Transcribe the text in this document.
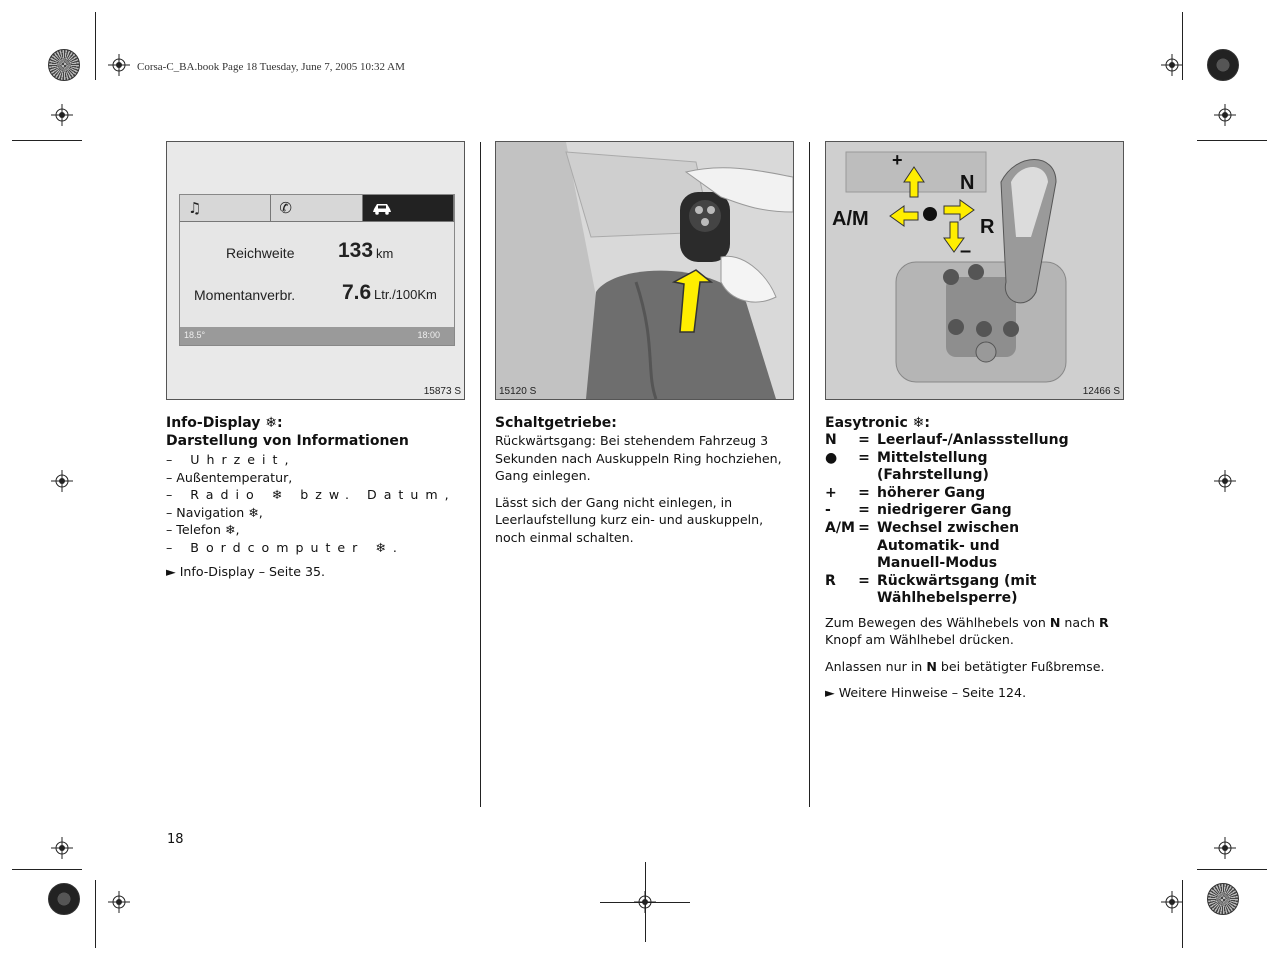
Corsa-C_BA.book Page 18 Tuesday, June 7, 2005 10:32 AM
♫	✆
Reichweite 133 km
Momentanverbr. 7.6 Ltr./100Km
18.5°	18:00
15873 S	15120 S
+
N
A/M	R
–
12466 S
Info-Display ❄:
Darstellung von Informationen
– Uhrzeit,
– Außentemperatur,
– Radio ❄ bzw. Datum,
– Navigation ❄,
– Telefon ❄,
– Bordcomputer ❄.
► Info-Display – Seite 35.
Schaltgetriebe:

Rückwärtsgang: Bei stehendem Fahrzeug 3 Sekunden nach Auskuppeln Ring hochziehen, Gang einlegen.

Lässt sich der Gang nicht einlegen, in Leerlaufstellung kurz ein- und auskuppeln, noch einmal schalten.

Easytronic ❄:
N	= Leerlauf-/Anlassstellung
●	= Mittelstellung (Fahrstellung)
+	= höherer Gang
-	= niedrigerer Gang
A/M = Wechsel zwischen Automatik- und Manuell-Modus
R	= Rückwärtsgang (mit Wählhebelsperre)

Zum Bewegen des Wählhebels von N nach R Knopf am Wählhebel drücken.

Anlassen nur in N bei betätigter Fußbremse.

► Weitere Hinweise – Seite 124.
18
